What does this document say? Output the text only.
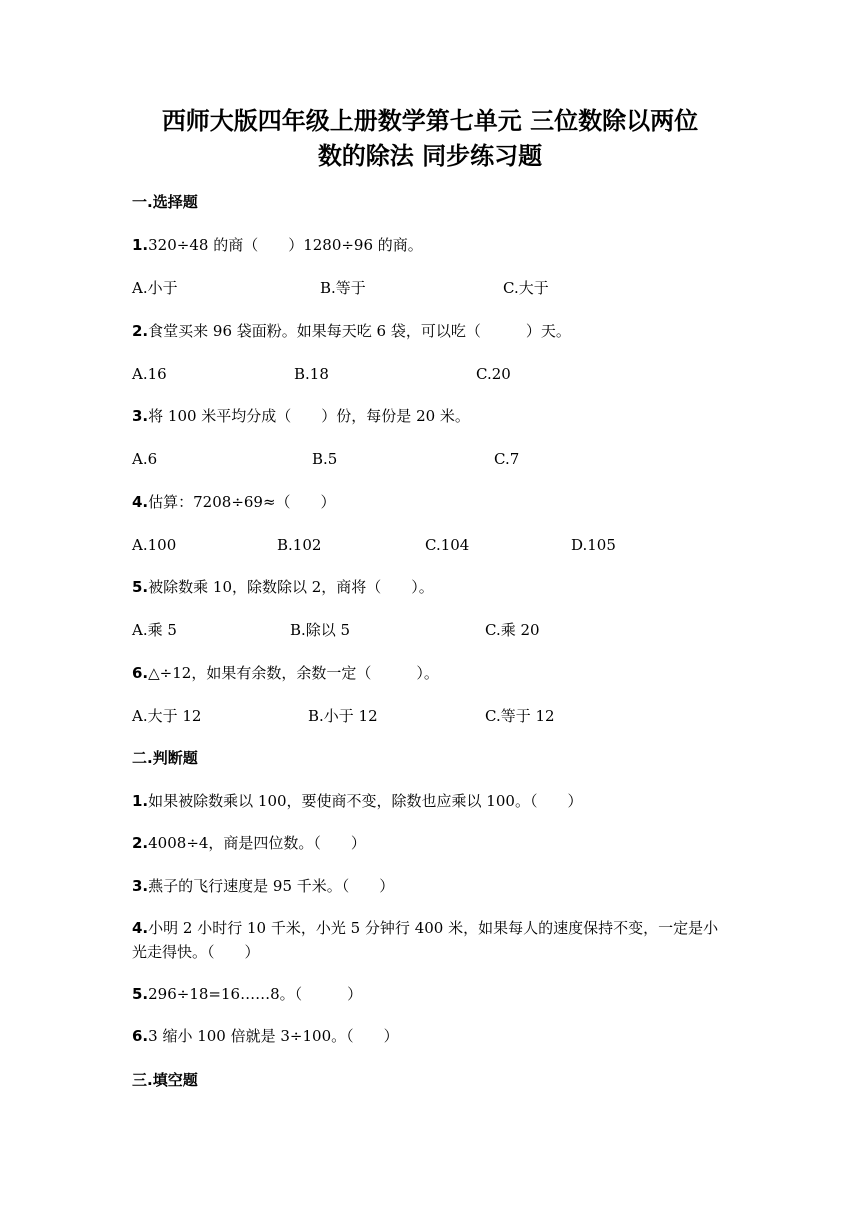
西师大版四年级上册数学第七单元 三位数除以两位
数的除法 同步练习题
一.选择题
1.320÷48 的商（　　）1280÷96 的商。
A.小于	B.等于	C.大于
2.食堂买来 96 袋面粉。如果每天吃 6 袋，可以吃（　　　）天。
A.16	B.18	C.20
3.将 100 米平均分成（　　）份，每份是 20 米。
A.6	B.5	C.7
4.估算：7208÷69≈（　　）
A.100	B.102	C.104	D.105
5.被除数乘 10，除数除以 2，商将（　　）。
A.乘 5	B.除以 5	C.乘 20
6.△÷12，如果有余数，余数一定（　　　）。
A.大于 12	B.小于 12	C.等于 12
二.判断题
1.如果被除数乘以 100，要使商不变，除数也应乘以 100。（　　）
2.4008÷4，商是四位数。（　　）
3.燕子的飞行速度是 95 千米。（　　）
4.小明 2 小时行 10 千米，小光 5 分钟行 400 米，如果每人的速度保持不变，一定是小光走得快。（　　）
5.296÷18=16……8。（　　　）
6.3 缩小 100 倍就是 3÷100。（　　）
三.填空题
